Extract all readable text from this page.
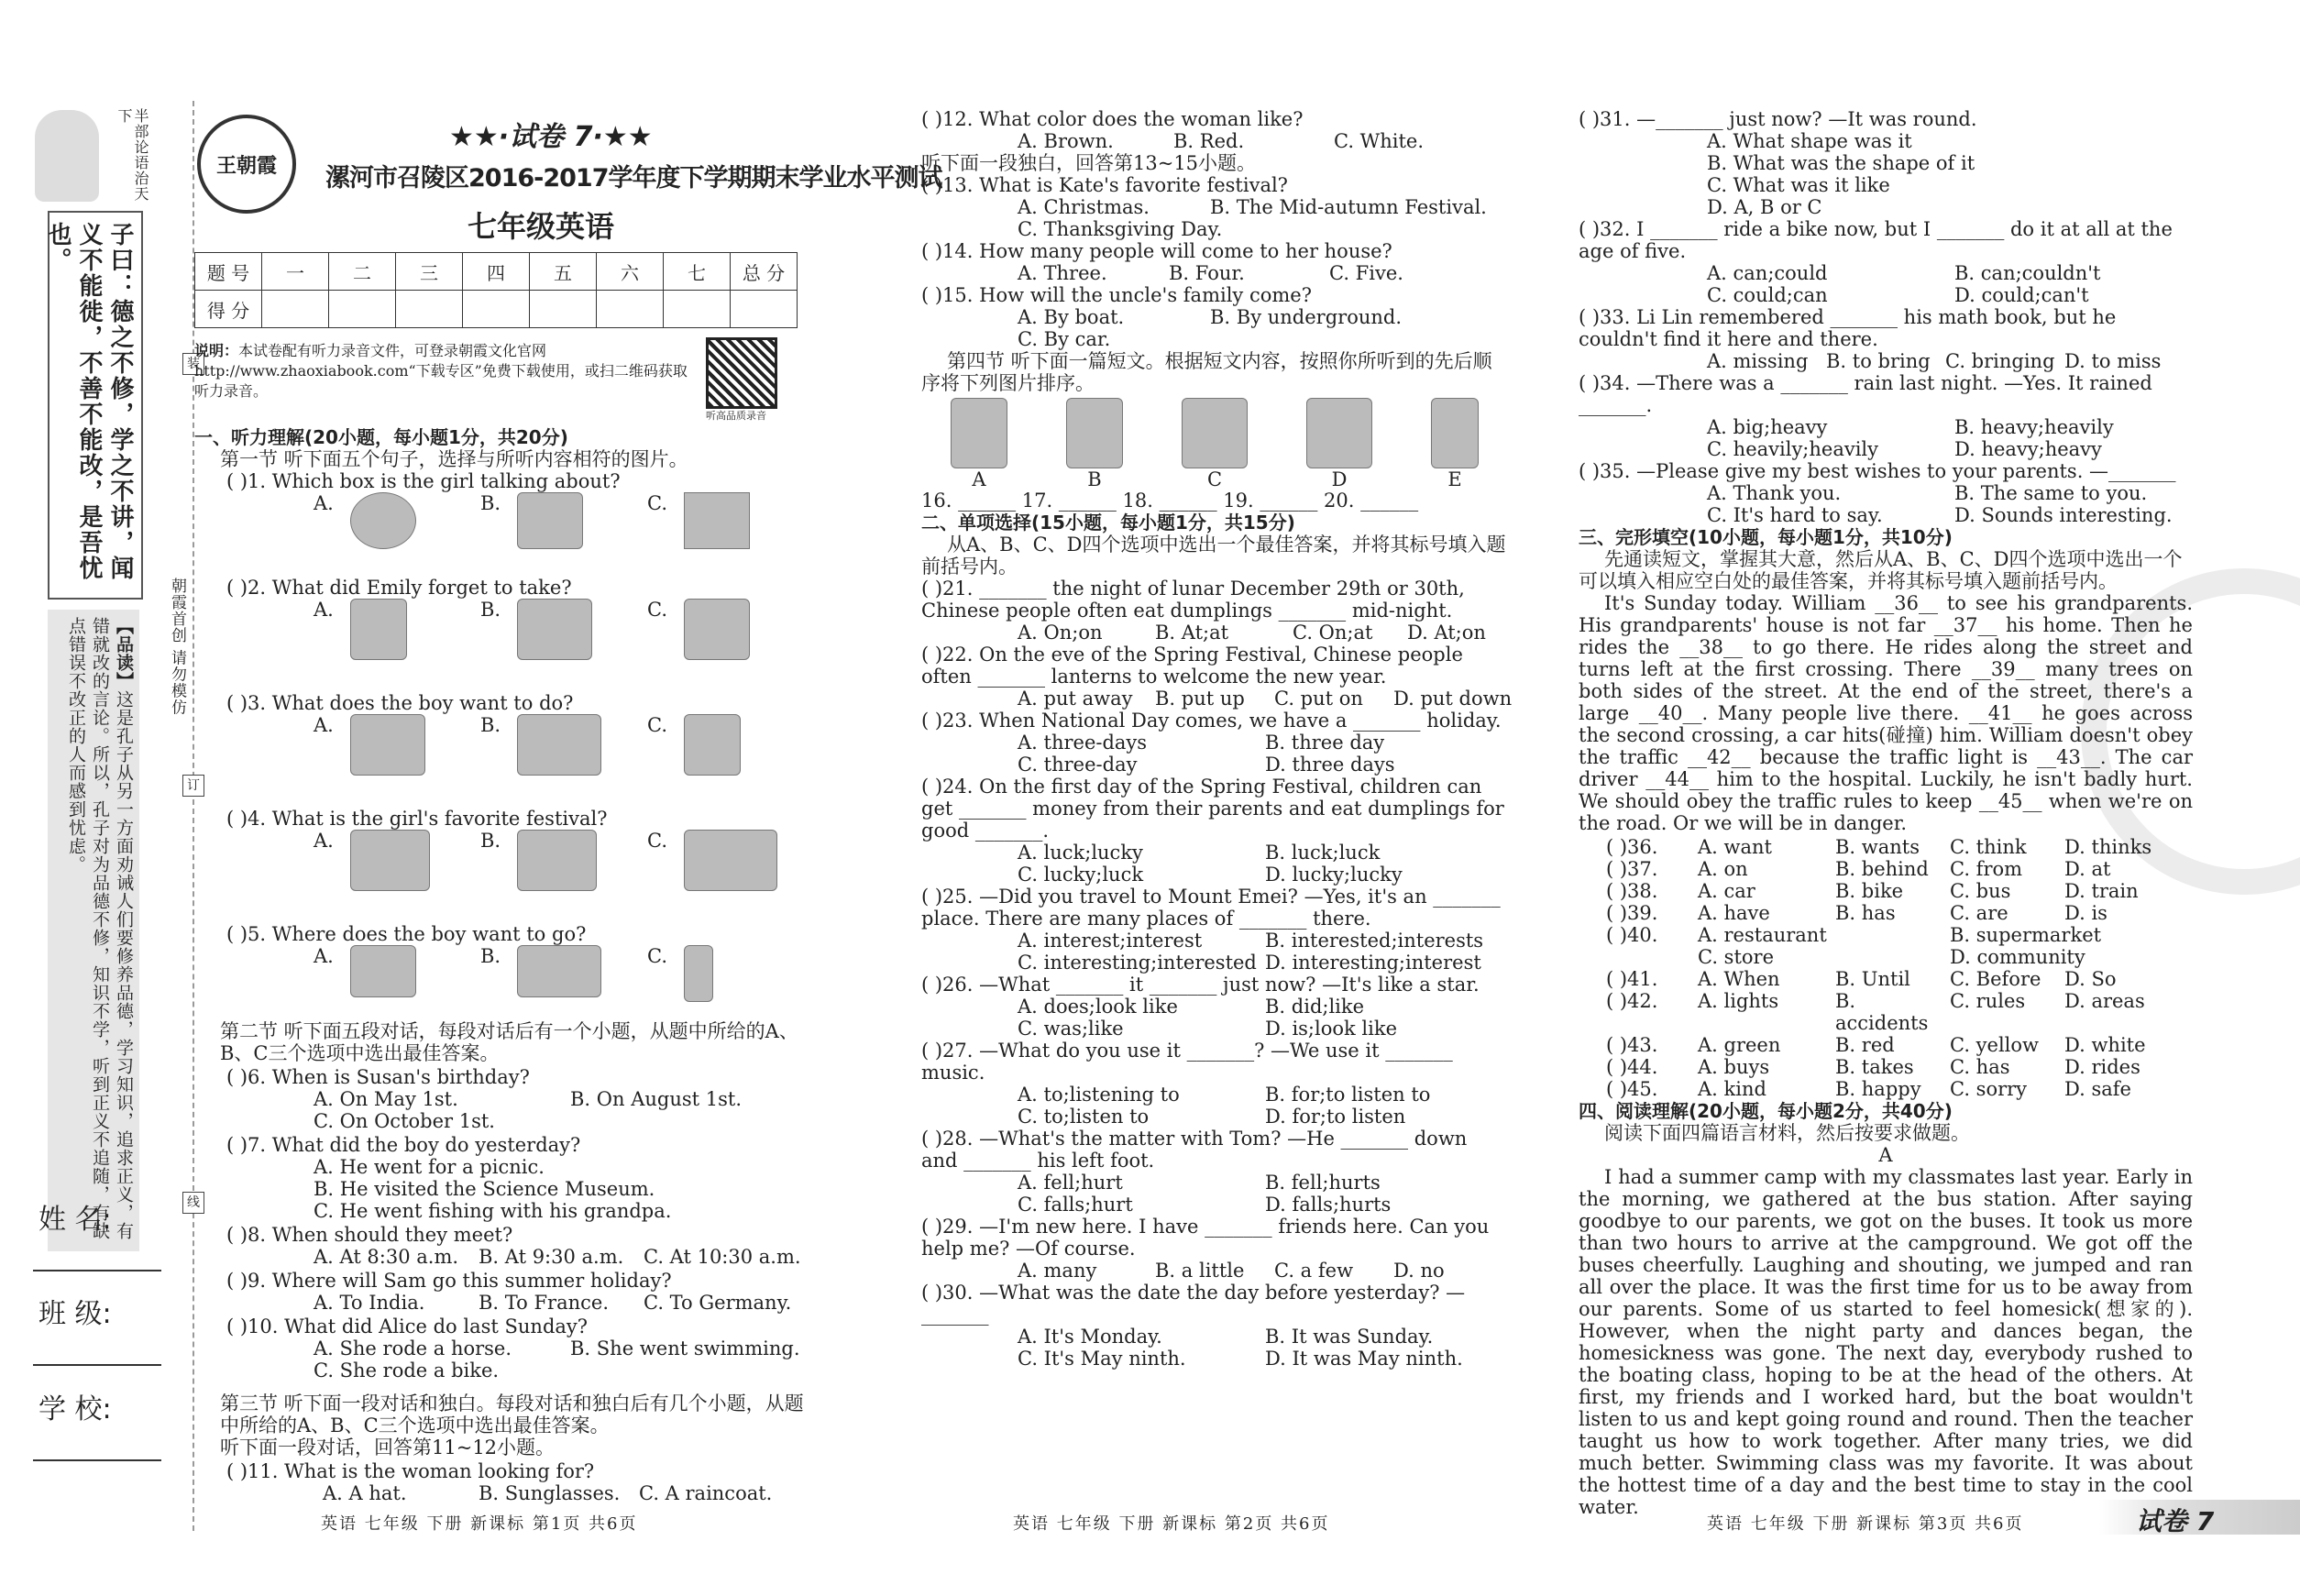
半部论语治天下
子曰：德之不修，学之不讲，闻义不能徙，不善不能改，是吾忧也。
【品读】这是孔子从另一方面劝诫人们要修养品德，学习知识，追求正义，有错就改的言论。所以，孔子对为品德不修，知识不学，听到正义不追随，有缺点错误不改正的人而感到忧虑。	朝霞首创 请勿模仿
装
订
线
姓 名:
班 级:
学 校:
王朝霞
★★·试卷 7·★★
漯河市召陵区2016-2017学年度下学期期末学业水平测试
七年级英语
题 号	一	二	三	四	五	六	七	总 分
得 分								
说明：本试卷配有听力录音文件，可登录朝霞文化官网http://www.zhaoxiabook.com“下载专区”免费下载使用，或扫二维码获取听力录音。
听高品质录音
一、听力理解(20小题，每小题1分，共20分)
第一节 听下面五个句子，选择与所听内容相符的图片。
( )1. Which box is the girl talking about?
A.	B.	C.
( )2. What did Emily forget to take?
A.	B.	C.
( )3. What does the boy want to do?
A.	B.	C.
( )4. What is the girl's favorite festival?
A.	B.	C.
( )5. Where does the boy want to go?
A.	B.	C.
第二节 听下面五段对话，每段对话后有一个小题，从题中所给的A、B、C三个选项中选出最佳答案。
( )6. When is Susan's birthday?
A. On May 1st.	B. On August 1st.
C. On October 1st.
( )7. What did the boy do yesterday?
A. He went for a picnic.
B. He visited the Science Museum.
C. He went fishing with his grandpa.
( )8. When should they meet?
A. At 8:30 a.m.	B. At 9:30 a.m.	C. At 10:30 a.m.
( )9. Where will Sam go this summer holiday?
A. To India.	B. To France.	C. To Germany.
( )10. What did Alice do last Sunday?
A. She rode a horse.	B. She went swimming.
C. She rode a bike.
第三节 听下面一段对话和独白。每段对话和独白后有几个小题，从题中所给的A、B、C三个选项中选出最佳答案。
听下面一段对话，回答第11~12小题。
( )11. What is the woman looking for?
A. A hat.	B. Sunglasses. C. A raincoat.
( )12. What color does the woman like?
A. Brown.	B. Red.	C. White.
听下面一段独白，回答第13~15小题。
( )13. What is Kate's favorite festival?
A. Christmas.	B. The Mid-autumn Festival.
C. Thanksgiving Day.
( )14. How many people will come to her house?
A. Three.	B. Four.	C. Five.
( )15. How will the uncle's family come?
A. By boat.	B. By underground.
C. By car.
第四节 听下面一篇短文。根据短文内容，按照你所听到的先后顺序将下列图片排序。
A	B	C	D	E
16. ______ 17. ______ 18. ______ 19. ______ 20. ______
二、单项选择(15小题，每小题1分，共15分)
从A、B、C、D四个选项中选出一个最佳答案，并将其标号填入题前括号内。
( )21. _______ the night of lunar December 29th or 30th, Chinese people often eat dumplings _______ mid-night.
A. On;on	B. At;at	C. On;at	D. At;on
( )22. On the eve of the Spring Festival, Chinese people often _______ lanterns to welcome the new year.
A. put away	B. put up	C. put on	D. put down
( )23. When National Day comes, we have a _______ holiday.
A. three-days	B. three day
C. three-day	D. three days
( )24. On the first day of the Spring Festival, children can get _______ money from their parents and eat dumplings for good _______.
A. luck;lucky	B. luck;luck
C. lucky;luck	D. lucky;lucky
( )25. —Did you travel to Mount Emei? —Yes, it's an _______ place. There are many places of _______ there.
A. interest;interest	B. interested;interests
C. interesting;interested D. interesting;interest
( )26. —What _______ it _______ just now? —It's like a star.
A. does;look like	B. did;like
C. was;like	D. is;look like
( )27. —What do you use it _______? —We use it _______ music.
A. to;listening to	B. for;to listen to
C. to;listen to	D. for;to listen
( )28. —What's the matter with Tom? —He _______ down and _______ his left foot.
A. fell;hurt	B. fell;hurts
C. falls;hurt	D. falls;hurts
( )29. —I'm new here. I have _______ friends here. Can you help me? —Of course.
A. many	B. a little	C. a few	D. no
( )30. —What was the date the day before yesterday? —_______
A. It's Monday.	B. It was Sunday.
C. It's May ninth.	D. It was May ninth.
( )31. —_______ just now? —It was round.
A. What shape was it
B. What was the shape of it
C. What was it like
D. A, B or C
( )32. I _______ ride a bike now, but I _______ do it at all at the age of five.
A. can;could	B. can;couldn't
C. could;can	D. could;can't
( )33. Li Lin remembered _______ his math book, but he couldn't find it here and there.
A. missing B. to bring C. bringing D. to miss
( )34. —There was a _______ rain last night. —Yes. It rained _______.
A. big;heavy	B. heavy;heavily
C. heavily;heavily	D. heavy;heavy
( )35. —Please give my best wishes to your parents. —_______
A. Thank you.	B. The same to you.
C. It's hard to say.	D. Sounds interesting.
三、完形填空(10小题，每小题1分，共10分)
先通读短文，掌握其大意，然后从A、B、C、D四个选项中选出一个可以填入相应空白处的最佳答案，并将其标号填入题前括号内。
It's Sunday today. William __36__ to see his grandparents. His grandparents' house is not far __37__ his home. Then he rides the __38__ to go there. He rides along the street and turns left at the first crossing. There __39__ many trees on both sides of the street. At the end of the street, there's a large __40__. Many people live there. __41__ he goes across the second crossing, a car hits(碰撞) him. William doesn't obey the traffic __42__ because the traffic light is __43__. The car driver __44__ him to the hospital. Luckily, he isn't badly hurt. We should obey the traffic rules to keep __45__ when we're on the road. Or we will be in danger.
( )36.	A. want	B. wants	C. think	D. thinks
( )37.	A. on	B. behind	C. from	D. at
( )38.	A. car	B. bike	C. bus	D. train
( )39.	A. have	B. has	C. are	D. is
( )40.	A. restaurant	B. supermarket
C. store	D. community
( )41.	A. When	B. Until	C. Before	D. So
( )42.	A. lights	B. accidents
C. rules	D. areas
( )43.	A. green	B. red	C. yellow	D. white
( )44.	A. buys	B. takes	C. has	D. rides
( )45.	A. kind	B. happy	C. sorry	D. safe
四、阅读理解(20小题，每小题2分，共40分)
阅读下面四篇语言材料，然后按要求做题。
A
I had a summer camp with my classmates last year. Early in the morning, we gathered at the bus station. After saying goodbye to our parents, we got on the buses. It took us more than two hours to arrive at the campground. We got off the buses cheerfully. Laughing and shouting, we jumped and ran all over the place. It was the first time for us to be away from our parents. Some of us started to feel homesick(想家的). However, when the night party and dances began, the homesickness was gone. The next day, everybody rushed to the boating class, hoping to be at the head of the others. At first, my friends and I worked hard, but the boat wouldn't listen to us and kept going round and round. Then the teacher taught us how to work together. After many tries, we did much better. Swimming class was my favorite. It was about the hottest time of a day and the best time to stay in the cool water.
英语 七年级 下册 新课标 第1页 共6页	英语 七年级 下册 新课标 第2页 共6页	英语 七年级 下册 新课标 第3页 共6页	试卷 7
